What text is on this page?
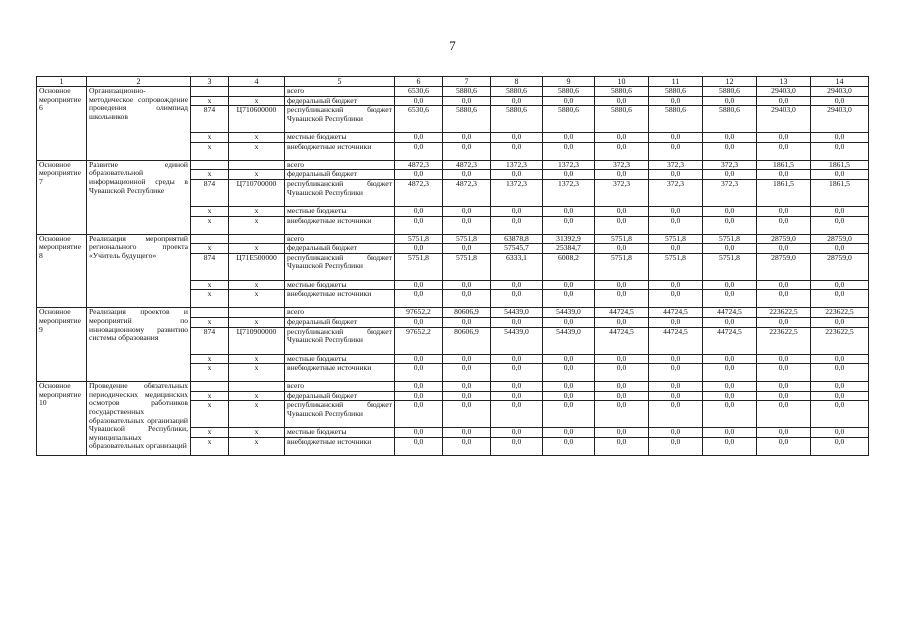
7
1	2	3	4	5	6	7	8	9	10	11	12	13	14
Основное мероприятие 6	Организационно-методическое сопровождение проведения олимпиад школьников			всего	6530,6	5880,6	5880,6	5880,6	5880,6	5880,6	5880,6	29403,0	29403,0
		x	x	федеральный бюджет	0,0	0,0	0,0	0,0	0,0	0,0	0,0	0,0	0,0
		874	Ц710600000	республиканский бюджет Чувашской Республики	6530,6	5880,6	5880,6	5880,6	5880,6	5880,6	5880,6	29403,0	29403,0
		x	x	местные бюджеты	0,0	0,0	0,0	0,0	0,0	0,0	0,0	0,0	0,0
		x	x	внебюджетные источники	0,0	0,0	0,0	0,0	0,0	0,0	0,0	0,0	0,0
Основное мероприятие 7	Развитие единой образовательной информационной среды в Чувашской Республике			всего	4872,3	4872,3	1372,3	1372,3	372,3	372,3	372,3	1861,5	1861,5
		x	x	федеральный бюджет	0,0	0,0	0,0	0,0	0,0	0,0	0,0	0,0	0,0
		874	Ц710700000	республиканский бюджет Чувашской Республики	4872,3	4872,3	1372,3	1372,3	372,3	372,3	372,3	1861,5	1861,5
		x	x	местные бюджеты	0,0	0,0	0,0	0,0	0,0	0,0	0,0	0,0	0,0
		x	x	внебюджетные источники	0,0	0,0	0,0	0,0	0,0	0,0	0,0	0,0	0,0
Основное мероприятие 8	Реализация мероприятий регионального проекта «Учитель будущего»			всего	5751,8	5751,8	63878,8	31392,9	5751,8	5751,8	5751,8	28759,0	28759,0
		x	x	федеральный бюджет	0,0	0,0	57545,7	25384,7	0,0	0,0	0,0	0,0	0,0
		874	Ц71Е500000	республиканский бюджет Чувашской Республики	5751,8	5751,8	6333,1	6008,2	5751,8	5751,8	5751,8	28759,0	28759,0
		x	x	местные бюджеты	0,0	0,0	0,0	0,0	0,0	0,0	0,0	0,0	0,0
		x	x	внебюджетные источники	0,0	0,0	0,0	0,0	0,0	0,0	0,0	0,0	0,0
Основное мероприятие 9	Реализация проектов и мероприятий по инновационному развитию системы образования			всего	97652,2	80606,9	54439,0	54439,0	44724,5	44724,5	44724,5	223622,5	223622,5
		x	x	федеральный бюджет	0,0	0,0	0,0	0,0	0,0	0,0	0,0	0,0	0,0
		874	Ц710900000	республиканский бюджет Чувашской Республики	97652,2	80606,9	54439,0	54439,0	44724,5	44724,5	44724,5	223622,5	223622,5
		x	x	местные бюджеты	0,0	0,0	0,0	0,0	0,0	0,0	0,0	0,0	0,0
		x	x	внебюджетные источники	0,0	0,0	0,0	0,0	0,0	0,0	0,0	0,0	0,0
Основное мероприятие 10	Проведение обязательных периодических медицинских осмотров работников государственных образовательных организаций Чувашской Республики, муниципальных образовательных организаций			всего	0,0	0,0	0,0	0,0	0,0	0,0	0,0	0,0	0,0
		x	x	федеральный бюджет	0,0	0,0	0,0	0,0	0,0	0,0	0,0	0,0	0,0
		x	x	республиканский бюджет Чувашской Республики	0,0	0,0	0,0	0,0	0,0	0,0	0,0	0,0	0,0
		x	x	местные бюджеты	0,0	0,0	0,0	0,0	0,0	0,0	0,0	0,0	0,0
		x	x	внебюджетные источники	0,0	0,0	0,0	0,0	0,0	0,0	0,0	0,0	0,0
